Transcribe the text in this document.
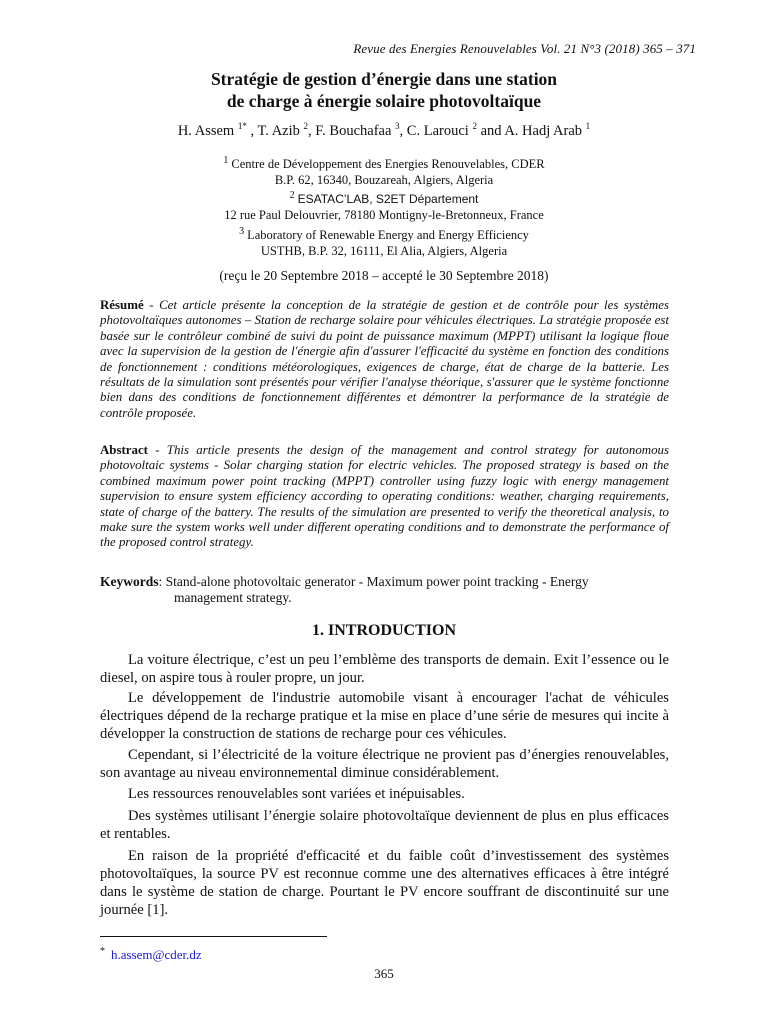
Revue des Energies Renouvelables Vol. 21 N°3 (2018) 365 – 371
Stratégie de gestion d’énergie dans une station
de charge à énergie solaire photovoltaïque
H. Assem $^{1*}$ , T. Azib $^2$, F. Bouchafaa $^3$, C. Larouci $^2$ and A. Hadj Arab $^1$
$^1$ Centre de Développement des Energies Renouvelables, CDER
B.P. 62, 16340, Bouzareah, Algiers, Algeria
$^2$ ESATAC’LAB, S2ET Département
12 rue Paul Delouvrier, 78180 Montigny-le-Bretonneux, France
$^3$ Laboratory of Renewable Energy and Energy Efficiency
USTHB, B.P. 32, 16111, El Alia, Algiers, Algeria
(reçu le 20 Septembre 2018 – accepté le 30 Septembre 2018)
Résumé - Cet article présente la conception de la stratégie de gestion et de contrôle pour les systèmes photovoltaïques autonomes – Station de recharge solaire pour véhicules électriques. La stratégie proposée est basée sur le contrôleur combiné de suivi du point de puissance maximum (MPPT) utilisant la logique floue avec la supervision de la gestion de l'énergie afin d'assurer l'efficacité du système en fonction des conditions de fonctionnement : conditions météorologiques, exigences de charge, état de charge de la batterie. Les résultats de la simulation sont présentés pour vérifier l'analyse théorique, s'assurer que le système fonctionne bien dans des conditions de fonctionnement différentes et démontrer la performance de la stratégie de contrôle proposée.
Abstract - This article presents the design of the management and control strategy for autonomous photovoltaic systems - Solar charging station for electric vehicles. The proposed strategy is based on the combined maximum power point tracking (MPPT) controller using fuzzy logic with energy management supervision to ensure system efficiency according to operating conditions: weather, charging requirements, state of charge of the battery. The results of the simulation are presented to verify the theoretical analysis, to make sure the system works well under different operating conditions and to demonstrate the performance of the proposed control strategy.
Keywords: Stand-alone photovoltaic generator - Maximum power point tracking - Energy
management strategy.
1. INTRODUCTION
La voiture électrique, c’est un peu l’emblème des transports de demain. Exit l’essence ou le diesel, on aspire tous à rouler propre, un jour.
Le développement de l'industrie automobile visant à encourager l'achat de véhicules électriques dépend de la recharge pratique et la mise en place d’une série de mesures qui incite à développer la construction de stations de recharge pour ces véhicules.
Cependant, si l’électricité de la voiture électrique ne provient pas d’énergies renouvelables, son avantage au niveau environnemental diminue considérablement.
Les ressources renouvelables sont variées et inépuisables.
Des systèmes utilisant l’énergie solaire photovoltaïque deviennent de plus en plus efficaces et rentables.
En raison de la propriété d'efficacité et du faible coût d’investissement des systèmes photovoltaïques, la source PV est reconnue comme une des alternatives efficaces à être intégré dans le système de station de charge. Pourtant le PV encore souffrant de discontinuité sur une journée [1].
* h.assem@cder.dz
365
